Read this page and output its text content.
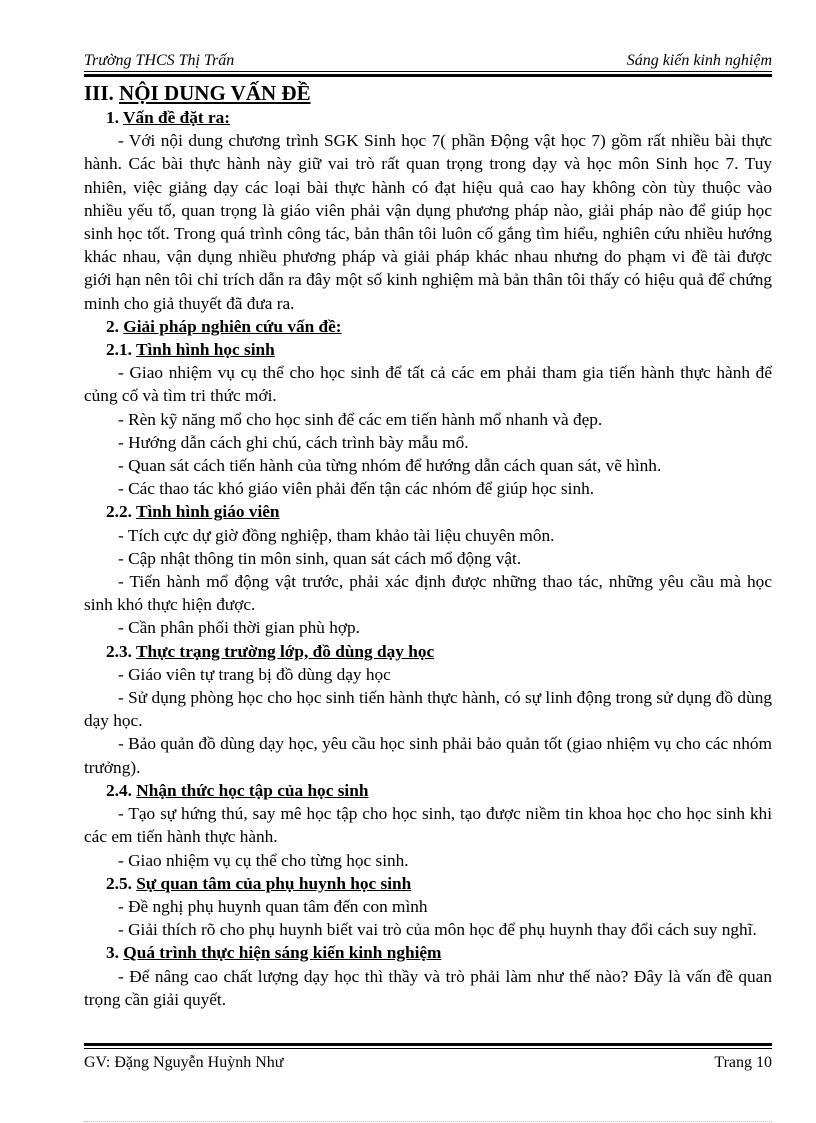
Trường THCS Thị Trấn	Sáng kiến kinh nghiệm

III. NỘI DUNG VẤN ĐỀ

1. Vấn đề đặt ra:

- Với nội dung chương trình SGK Sinh học 7( phần Động vật học 7) gồm rất nhiều bài thực hành. Các bài thực hành này giữ vai trò rất quan trọng trong dạy và học môn Sinh học 7. Tuy nhiên, việc giảng dạy các loại bài thực hành có đạt hiệu quả cao hay không còn tùy thuộc vào nhiều yếu tố, quan trọng là giáo viên phải vận dụng phương pháp nào, giải pháp nào để giúp học sinh học tốt. Trong quá trình công tác, bản thân tôi luôn cố gắng tìm hiểu, nghiên cứu nhiều hướng khác nhau, vận dụng nhiều phương pháp và giải pháp khác nhau nhưng do phạm vi đề tài được giới hạn nên tôi chỉ trích dẫn ra đây một số kinh nghiệm mà bản thân tôi thấy có hiệu quả để chứng minh cho giả thuyết đã đưa ra.

2. Giải pháp nghiên cứu vấn đề:

2.1. Tình hình học sinh

- Giao nhiệm vụ cụ thể cho học sinh để tất cả các em phải tham gia tiến hành thực hành để củng cố và tìm tri thức mới.

- Rèn kỹ năng mổ cho học sinh để các em tiến hành mổ nhanh và đẹp.

- Hướng dẫn cách ghi chú, cách trình bày mẫu mổ.

- Quan sát cách tiến hành của từng nhóm để hướng dẫn cách quan sát, vẽ hình.

- Các thao tác khó giáo viên phải đến tận các nhóm để giúp học sinh.

2.2. Tình hình giáo viên

- Tích cực dự giờ đồng nghiệp, tham khảo tài liệu chuyên môn.

- Cập nhật thông tin môn sinh, quan sát cách mổ động vật.

- Tiến hành mổ động vật trước, phải xác định được những thao tác, những yêu cầu mà học sinh khó thực hiện được.

- Cần phân phối thời gian phù hợp.

2.3. Thực trạng trường lớp, đồ dùng dạy học

- Giáo viên tự trang bị đồ dùng dạy học

- Sử dụng phòng học cho học sinh tiến hành thực hành, có sự linh động trong sử dụng đồ dùng dạy học.

- Bảo quản đồ dùng dạy học, yêu cầu học sinh phải bảo quản tốt (giao nhiệm vụ cho các nhóm trưởng).

2.4. Nhận thức học tập của học sinh

- Tạo sự hứng thú, say mê học tập cho học sinh, tạo được niềm tin khoa học cho học sinh khi các em tiến hành thực hành.

- Giao nhiệm vụ cụ thể cho từng học sinh.

2.5. Sự quan tâm của phụ huynh học sinh

- Đề nghị phụ huynh quan tâm đến con mình

- Giải thích rõ cho phụ huynh biết vai trò của môn học để phụ huynh thay đổi cách suy nghĩ.

3. Quá trình thực hiện sáng kiến kinh nghiệm

- Để nâng cao chất lượng dạy học thì thầy và trò phải làm như thế nào? Đây là vấn đề quan trọng cần giải quyết.

GV: Đặng Nguyễn Huỳnh Như	Trang 10
